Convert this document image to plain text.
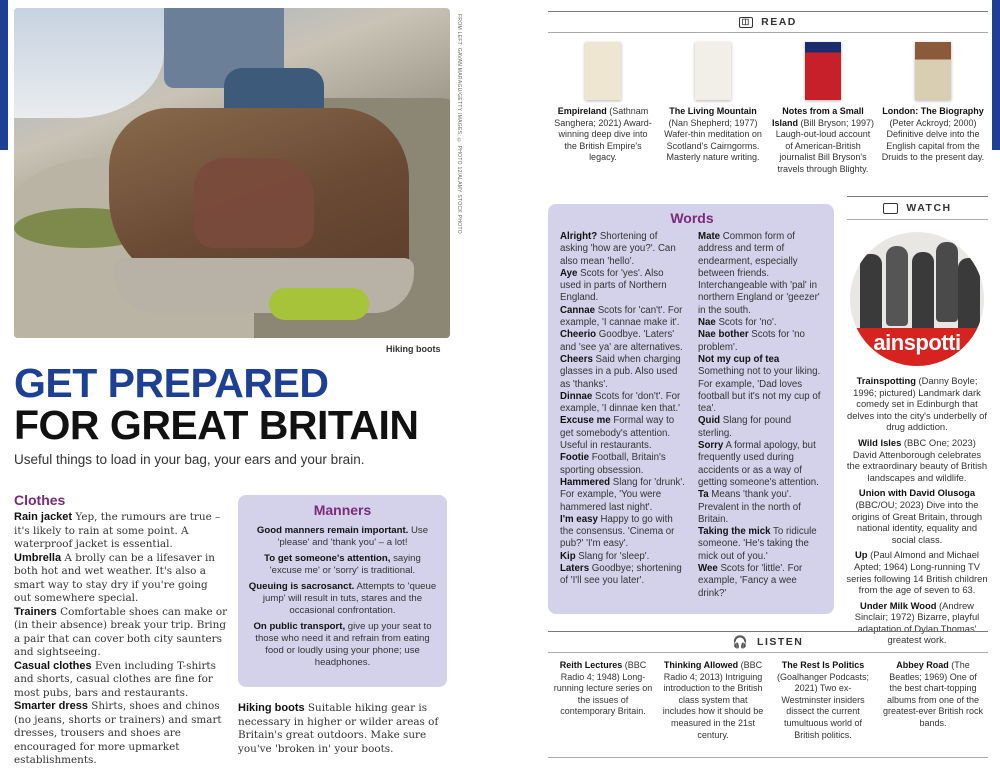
FROM LEFT: GAVAN MARAGU/GETTY IMAGES; © PHOTO 12/ALAMY STOCK PHOTO
Hiking boots
GET PREPARED
FOR GREAT BRITAIN
Useful things to load in your bag, your ears and your brain.
Clothes
Rain jacket Yep, the rumours are true – it's likely to rain at some point. A waterproof jacket is essential.
Umbrella A brolly can be a lifesaver in both hot and wet weather. It's also a smart way to stay dry if you're going out somewhere special.
Trainers Comfortable shoes can make or (in their absence) break your trip. Bring a pair that can cover both city saunters and sightseeing.
Casual clothes Even including T-shirts and shorts, casual clothes are fine for most pubs, bars and restaurants.
Smarter dress Shirts, shoes and chinos (no jeans, shorts or trainers) and smart dresses, trousers and shoes are encouraged for more upmarket establishments.
Manners
Good manners remain important. Use 'please' and 'thank you' – a lot!
To get someone's attention, saying 'excuse me' or 'sorry' is traditional.
Queuing is sacrosanct. Attempts to 'queue jump' will result in tuts, stares and the occasional confrontation.
On public transport, give up your seat to those who need it and refrain from eating food or loudly using your phone; use headphones.
Hiking boots Suitable hiking gear is necessary in higher or wilder areas of Britain's great outdoors. Make sure you've 'broken in' your boots.
◫ READ
Empireland (Sathnam Sanghera; 2021) Award-winning deep dive into the British Empire's legacy.
The Living Mountain (Nan Shepherd; 1977) Wafer-thin meditation on Scotland's Cairngorms. Masterly nature writing.
Notes from a Small Island (Bill Bryson; 1997) Laugh-out-loud account of American-British journalist Bill Bryson's travels through Blighty.
London: The Biography (Peter Ackroyd; 2000) Definitive delve into the English capital from the Druids to the present day.
Words
Alright? Shortening of asking 'how are you?'. Can also mean 'hello'.
Aye Scots for 'yes'. Also used in parts of Northern England.
Cannae Scots for 'can't'. For example, 'I cannae make it'.
Cheerio Goodbye. 'Laters' and 'see ya' are alternatives.
Cheers Said when charging glasses in a pub. Also used as 'thanks'.
Dinnae Scots for 'don't'. For example, 'I dinnae ken that.'
Excuse me Formal way to get somebody's attention. Useful in restaurants.
Footie Football, Britain's sporting obsession.
Hammered Slang for 'drunk'. For example, 'You were hammered last night'.
I'm easy Happy to go with the consensus. 'Cinema or pub?' 'I'm easy'.
Kip Slang for 'sleep'.
Laters Goodbye; shortening of 'I'll see you later'.
Mate Common form of address and term of endearment, especially between friends. Interchangeable with 'pal' in northern England or 'geezer' in the south.
Nae Scots for 'no'.
Nae bother Scots for 'no problem'.
Not my cup of tea Something not to your liking. For example, 'Dad loves football but it's not my cup of tea'.
Quid Slang for pound sterling.
Sorry A formal apology, but frequently used during accidents or as a way of getting someone's attention.
Ta Means 'thank you'. Prevalent in the north of Britain.
Taking the mick To ridicule someone. 'He's taking the mick out of you.'
Wee Scots for 'little'. For example, 'Fancy a wee drink?'
WATCH
ainspotti
Trainspotting (Danny Boyle; 1996; pictured) Landmark dark comedy set in Edinburgh that delves into the city's underbelly of drug addiction.
Wild Isles (BBC One; 2023) David Attenborough celebrates the extraordinary beauty of British landscapes and wildlife.
Union with David Olusoga (BBC/OU; 2023) Dive into the origins of Great Britain, through national identity, equality and social class.
Up (Paul Almond and Michael Apted; 1964) Long-running TV series following 14 British children from the age of seven to 63.
Under Milk Wood (Andrew Sinclair; 1972) Bizarre, playful adaptation of Dylan Thomas' greatest work.
🎧 LISTEN
Reith Lectures (BBC Radio 4; 1948) Long-running lecture series on the issues of contemporary Britain.
Thinking Allowed (BBC Radio 4; 2013) Intriguing introduction to the British class system that includes how it should be measured in the 21st century.
The Rest Is Politics (Goalhanger Podcasts; 2021) Two ex-Westminster insiders dissect the current tumultuous world of British politics.
Abbey Road (The Beatles; 1969) One of the best chart-topping albums from one of the greatest-ever British rock bands.
